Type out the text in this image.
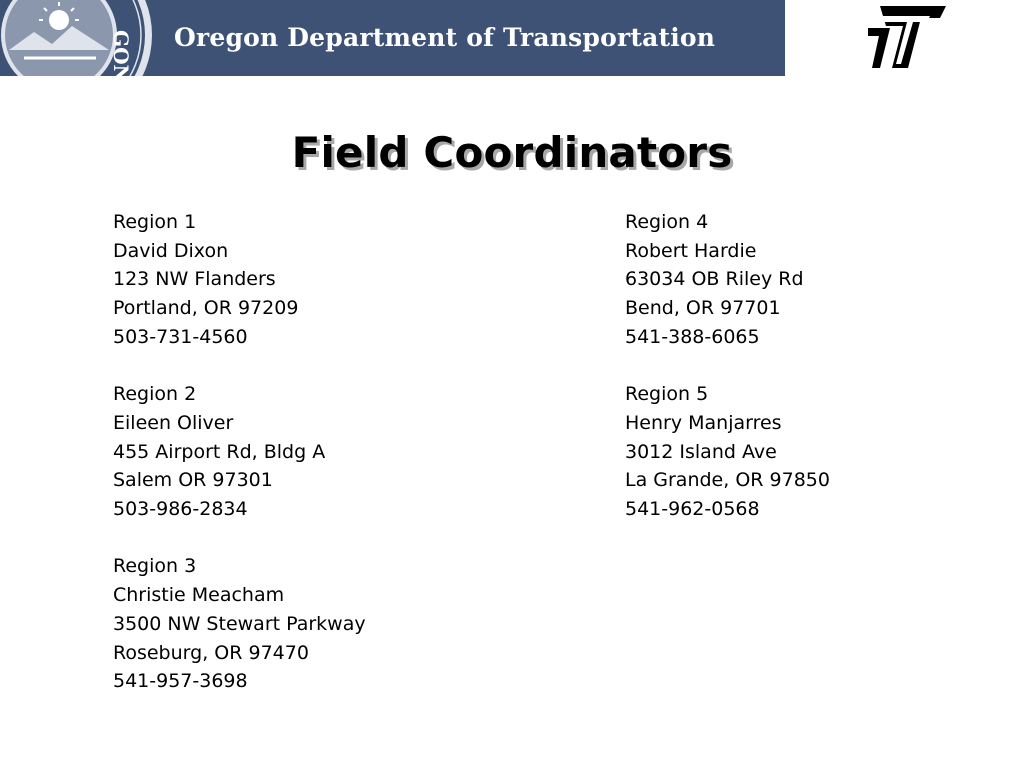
GON Oregon Department of Transportation
Field Coordinators
Region 1
David Dixon
123 NW Flanders
Portland, OR 97209
503-731-4560
Region 2
Eileen Oliver
455 Airport Rd, Bldg A
Salem OR 97301
503-986-2834
Region 3
Christie Meacham
3500 NW Stewart Parkway
Roseburg, OR 97470
541-957-3698
Region 4
Robert Hardie
63034 OB Riley Rd
Bend, OR 97701
541-388-6065
Region 5
Henry Manjarres
3012 Island Ave
La Grande, OR 97850
541-962-0568
